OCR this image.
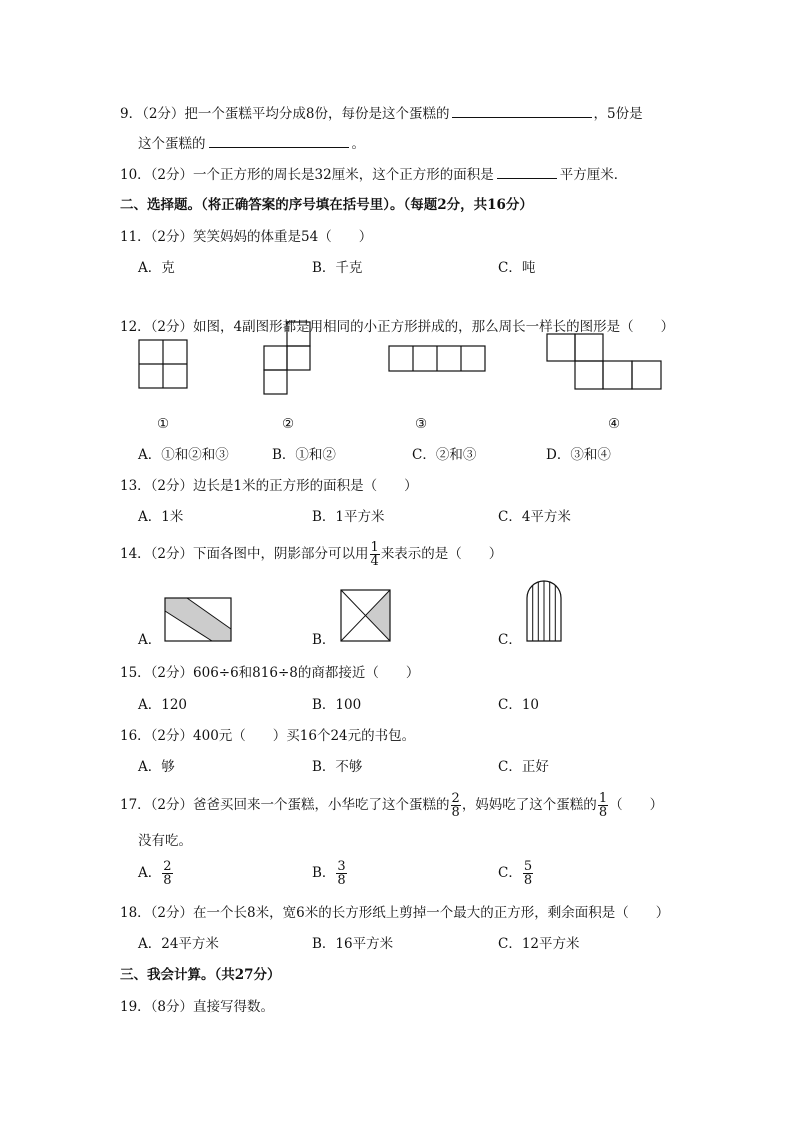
9．（2分）把一个蛋糕平均分成8份，每份是这个蛋糕的	，5份是
这个蛋糕的	。
10．（2分）一个正方形的周长是32厘米，这个正方形的面积是	平方厘米．
二、选择题。（将正确答案的序号填在括号里）。（每题2分，共16分）
11．（2分）笑笑妈妈的体重是54（　　）
A．克	B．千克	C．吨
12．（2分）如图，4副图形都是用相同的小正方形拼成的，那么周长一样长的图形是（　　）
①	②	③	④
A．①和②和③	B．①和②	C．②和③	D．③和④
13．（2分）边长是1米的正方形的面积是（　　）
A．1米	B．1平方米	C．4平方米
14．（2分）下面各图中，阴影部分可以用 $\frac{1}{4}$ 来表示的是（　　）
A．	B．	C．
15．（2分）606÷6和816÷8的商都接近（　　）
A．120	B．100	C．10
16．（2分）400元（　　）买16个24元的书包。
A．够	B．不够	C．正好
17．（2分）爸爸买回来一个蛋糕，小华吃了这个蛋糕的 $\frac{2}{8}$ ，妈妈吃了这个蛋糕的 $\frac{1}{8}$ （　　）
没有吃。
A． $\frac{2}{8}$	B． $\frac{3}{8}$	C． $\frac{5}{8}$
18．（2分）在一个长8米，宽6米的长方形纸上剪掉一个最大的正方形，剩余面积是（　　）
A．24平方米	B．16平方米	C．12平方米
三、我会计算。（共27分）
19．（8分）直接写得数。
